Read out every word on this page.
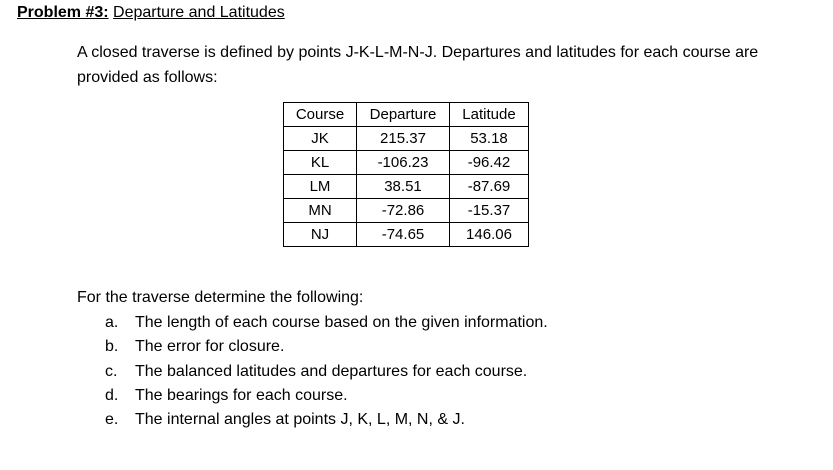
Problem #3: Departure and Latitudes
A closed traverse is defined by points J-K-L-M-N-J. Departures and latitudes for each course are provided as follows:
Course	Departure	Latitude
JK	215.37	53.18
KL	-106.23	-96.42
LM	38.51	-87.69
MN	-72.86	-15.37
NJ	-74.65	146.06
For the traverse determine the following:
a. The length of each course based on the given information.
b. The error for closure.
c. The balanced latitudes and departures for each course.
d. The bearings for each course.
e. The internal angles at points J, K, L, M, N, & J.
